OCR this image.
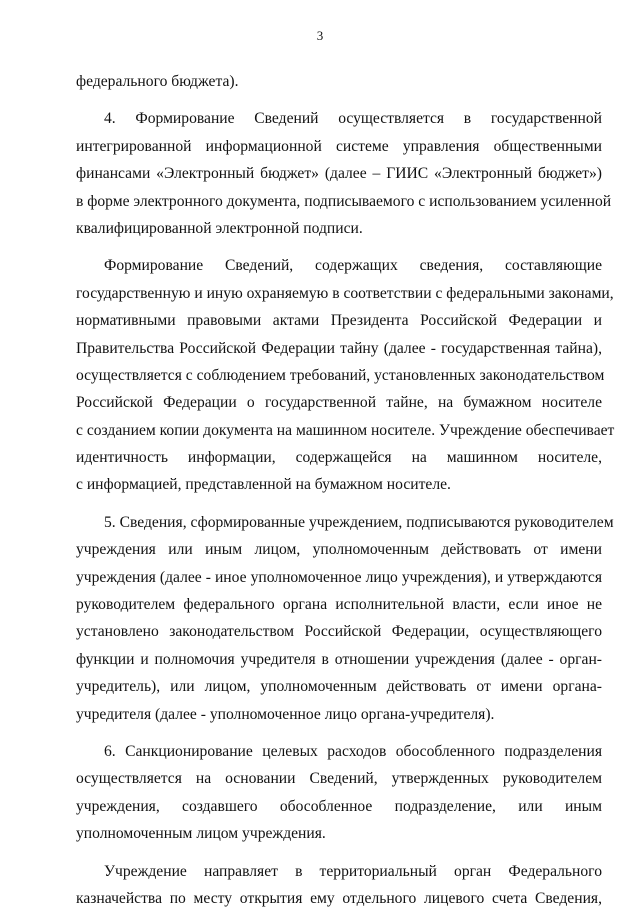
3
федерального бюджета).
4. Формирование Сведений осуществляется в государственной
интегрированной информационной системе управления общественными
финансами «Электронный бюджет» (далее – ГИИС «Электронный бюджет»)
в форме электронного документа, подписываемого с использованием усиленной
квалифицированной электронной подписи.
Формирование Сведений, содержащих сведения, составляющие
государственную и иную охраняемую в соответствии с федеральными законами,
нормативными правовыми актами Президента Российской Федерации и
Правительства Российской Федерации тайну (далее - государственная тайна),
осуществляется с соблюдением требований, установленных законодательством
Российской Федерации о государственной тайне, на бумажном носителе
с созданием копии документа на машинном носителе. Учреждение обеспечивает
идентичность информации, содержащейся на машинном носителе,
с информацией, представленной на бумажном носителе.
5. Сведения, сформированные учреждением, подписываются руководителем
учреждения или иным лицом, уполномоченным действовать от имени
учреждения (далее - иное уполномоченное лицо учреждения), и утверждаются
руководителем федерального органа исполнительной власти, если иное не
установлено законодательством Российской Федерации, осуществляющего
функции и полномочия учредителя в отношении учреждения (далее - орган-
учредитель), или лицом, уполномоченным действовать от имени органа-
учредителя (далее - уполномоченное лицо органа-учредителя).
6. Санкционирование целевых расходов обособленного подразделения
осуществляется на основании Сведений, утвержденных руководителем
учреждения, создавшего обособленное подразделение, или иным
уполномоченным лицом учреждения.
Учреждение направляет в территориальный орган Федерального
казначейства по месту открытия ему отдельного лицевого счета Сведения,
